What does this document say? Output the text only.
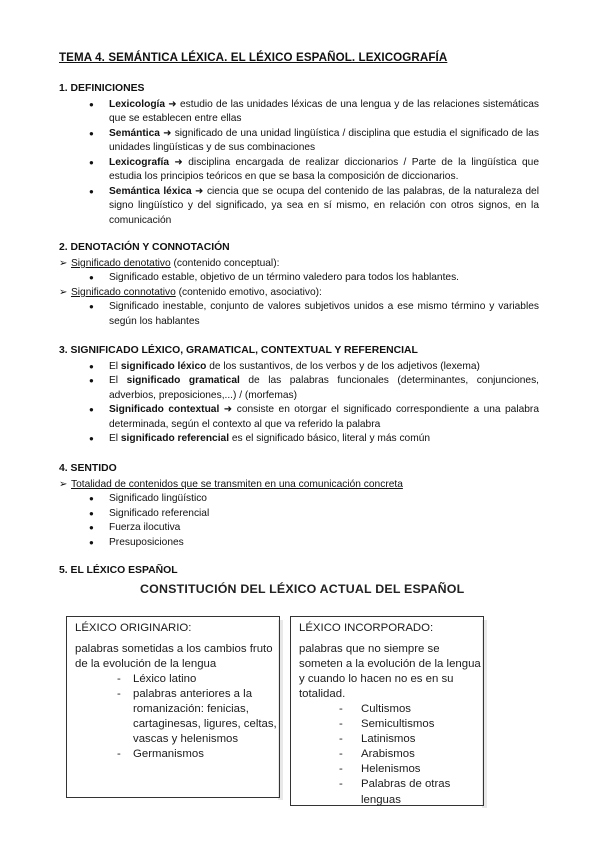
TEMA 4. SEMÁNTICA LÉXICA. EL LÉXICO ESPAÑOL. LEXICOGRAFÍA
1. DEFINICIONES
● Lexicología ➜ estudio de las unidades léxicas de una lengua y de las relaciones sistemáticas que se establecen entre ellas
● Semántica ➜ significado de una unidad lingüística / disciplina que estudia el significado de las unidades lingüísticas y de sus combinaciones
● Lexicografía ➜ disciplina encargada de realizar diccionarios / Parte de la lingüística que estudia los principios teóricos en que se basa la composición de diccionarios.
● Semántica léxica ➜ ciencia que se ocupa del contenido de las palabras, de la naturaleza del signo lingüístico y del significado, ya sea en sí mismo, en relación con otros signos, en la comunicación
2. DENOTACIÓN Y CONNOTACIÓN
➢ Significado denotativo (contenido conceptual):
● Significado estable, objetivo de un término valedero para todos los hablantes.
➢ Significado connotativo (contenido emotivo, asociativo):
● Significado inestable, conjunto de valores subjetivos unidos a ese mismo término y variables según los hablantes
3. SIGNIFICADO LÉXICO, GRAMATICAL, CONTEXTUAL Y REFERENCIAL
● El significado léxico de los sustantivos, de los verbos y de los adjetivos (lexema)
● El significado gramatical de las palabras funcionales (determinantes, conjunciones, adverbios, preposiciones,...) / (morfemas)
● Significado contextual ➜ consiste en otorgar el significado correspondiente a una palabra determinada, según el contexto al que va referido la palabra
● El significado referencial es el significado básico, literal y más común
4. SENTIDO
➢ Totalidad de contenidos que se transmiten en una comunicación concreta
● Significado lingüístico
● Significado referencial
● Fuerza ilocutiva
● Presuposiciones
5. EL LÉXICO ESPAÑOL
CONSTITUCIÓN DEL LÉXICO ACTUAL DEL ESPAÑOL
LÉXICO ORIGINARIO:
palabras sometidas a los cambios fruto de la evolución de la lengua
- Léxico latino
- palabras anteriores a la romanización: fenicias, cartaginesas, ligures, celtas, vascas y helenismos
- Germanismos
LÉXICO INCORPORADO:
palabras que no siempre se someten a la evolución de la lengua y cuando lo hacen no es en su totalidad.
- Cultismos
- Semicultismos
- Latinismos
- Arabismos
- Helenismos
- Palabras de otras lenguas
